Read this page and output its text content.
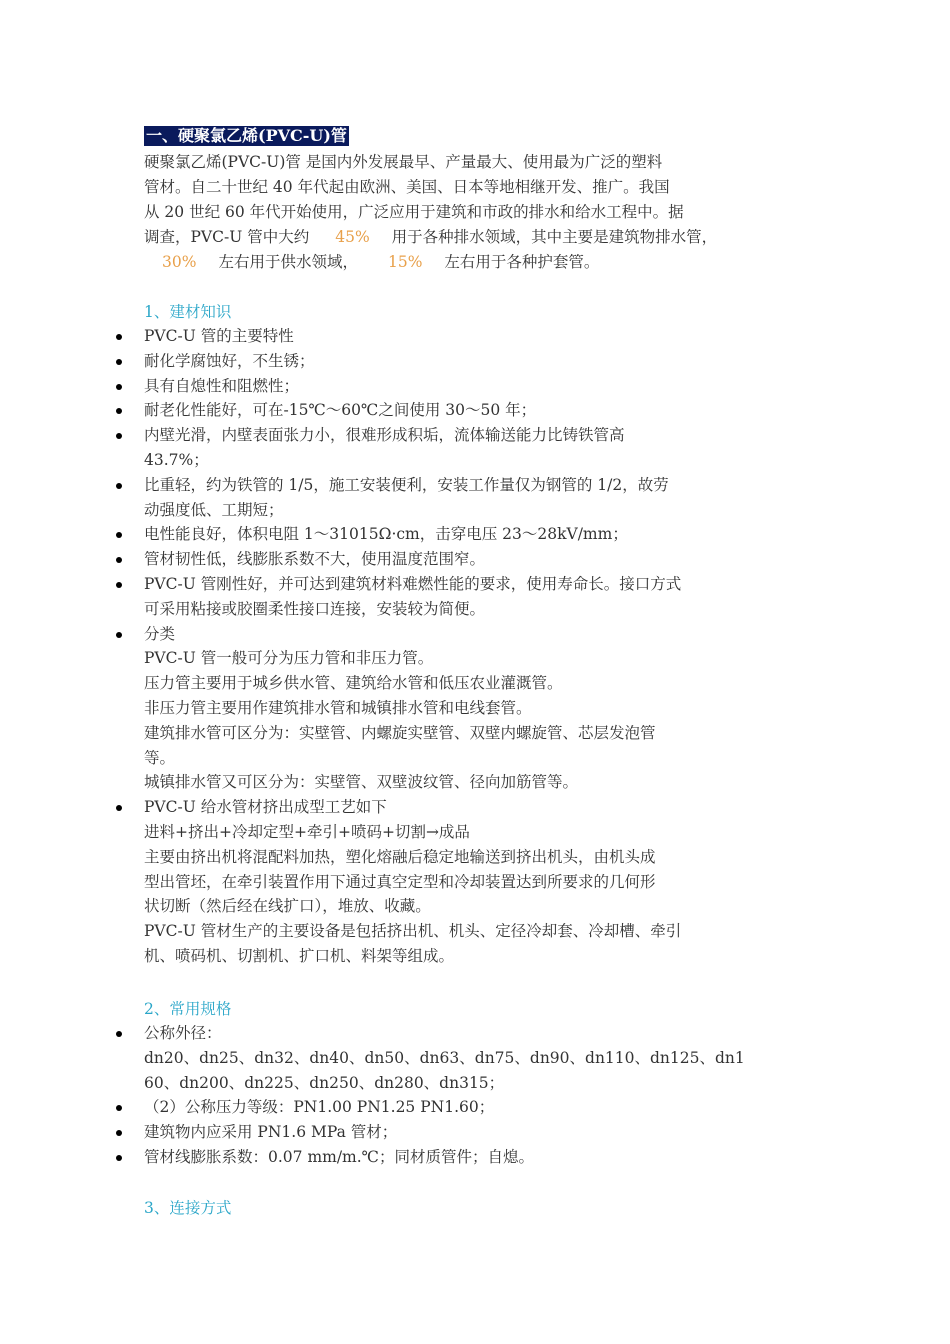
一、硬聚氯乙烯(PVC-U)管
硬聚氯乙烯(PVC-U)管 是国内外发展最早、产量最大、使用最为广泛的塑料
管材。自二十世纪 40 年代起由欧洲、美国、日本等地相继开发、推广。我国
从 20 世纪 60 年代开始使用，广泛应用于建筑和市政的排水和给水工程中。据
调查，PVC-U 管中大约 45% 用于各种排水领域，其中主要是建筑物排水管，
30% 左右用于供水领域， 15% 左右用于各种护套管。
1、建材知识
PVC-U 管的主要特性
耐化学腐蚀好，不生锈；
具有自熄性和阻燃性；
耐老化性能好，可在-15℃～60℃之间使用 30～50 年；
内壁光滑，内壁表面张力小，很难形成积垢，流体输送能力比铸铁管高
43.7%；
比重轻，约为铁管的 1/5，施工安装便利，安装工作量仅为钢管的 1/2，故劳
动强度低、工期短；
电性能良好，体积电阻 1～31015Ω·cm，击穿电压 23～28kV/mm；
管材韧性低，线膨胀系数不大，使用温度范围窄。
PVC-U 管刚性好，并可达到建筑材料难燃性能的要求，使用寿命长。接口方式
可采用粘接或胶圈柔性接口连接，安装较为简便。
分类
PVC-U 管一般可分为压力管和非压力管。
压力管主要用于城乡供水管、建筑给水管和低压农业灌溉管。
非压力管主要用作建筑排水管和城镇排水管和电线套管。
建筑排水管可区分为：实壁管、内螺旋实壁管、双壁内螺旋管、芯层发泡管
等。
城镇排水管又可区分为：实壁管、双壁波纹管、径向加筋管等。
PVC-U 给水管材挤出成型工艺如下
进料+挤出+冷却定型+牵引+喷码+切割→成品
主要由挤出机将混配料加热，塑化熔融后稳定地输送到挤出机头，由机头成
型出管坯，在牵引装置作用下通过真空定型和冷却装置达到所要求的几何形
状切断（然后经在线扩口），堆放、收藏。
PVC-U 管材生产的主要设备是包括挤出机、机头、定径冷却套、冷却槽、牵引
机、喷码机、切割机、扩口机、料架等组成。
2、常用规格
公称外径：
dn20、dn25、dn32、dn40、dn50、dn63、dn75、dn90、dn110、dn125、dn1
60、dn200、dn225、dn250、dn280、dn315；
（2）公称压力等级：PN1.00 PN1.25 PN1.60；
建筑物内应采用 PN1.6 MPa 管材；
管材线膨胀系数：0.07 mm/m.℃；同材质管件；自熄。
3、连接方式
